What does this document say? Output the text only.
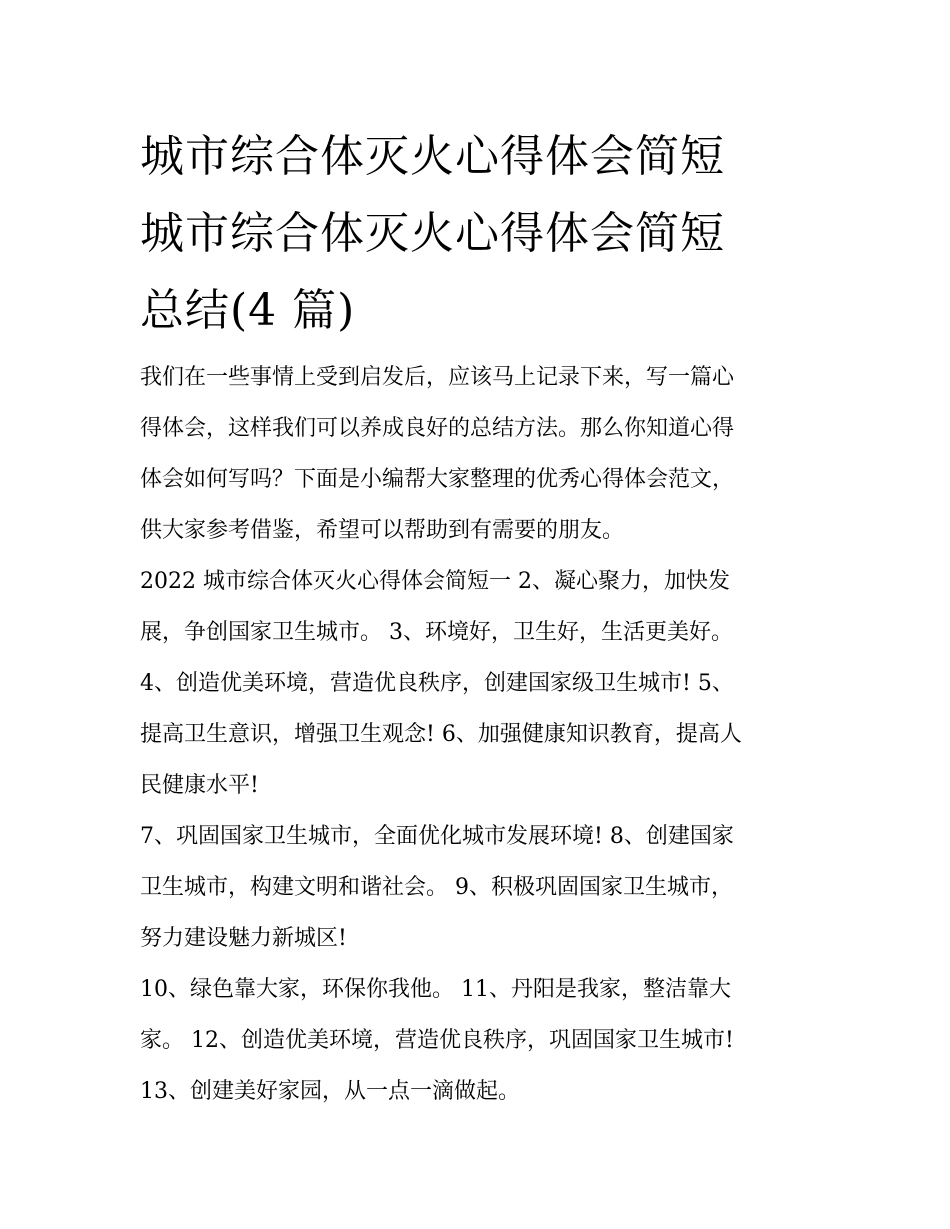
城市综合体灭火心得体会简短
城市综合体灭火心得体会简短
总结(4 篇)

我们在一些事情上受到启发后，应该马上记录下来，写一篇心
得体会，这样我们可以养成良好的总结方法。那么你知道心得
体会如何写吗？下面是小编帮大家整理的优秀心得体会范文，
供大家参考借鉴，希望可以帮助到有需要的朋友。

2022 城市综合体灭火心得体会简短一 2、凝心聚力，加快发
展，争创国家卫生城市。 3、环境好，卫生好，生活更美好。
4、创造优美环境，营造优良秩序，创建国家级卫生城市! 5、
提高卫生意识，增强卫生观念! 6、加强健康知识教育，提高人
民健康水平!

7、巩固国家卫生城市，全面优化城市发展环境! 8、创建国家
卫生城市，构建文明和谐社会。 9、积极巩固国家卫生城市，
努力建设魅力新城区!

10、绿色靠大家，环保你我他。 11、丹阳是我家，整洁靠大
家。 12、创造优美环境，营造优良秩序，巩固国家卫生城市!
13、创建美好家园，从一点一滴做起。
